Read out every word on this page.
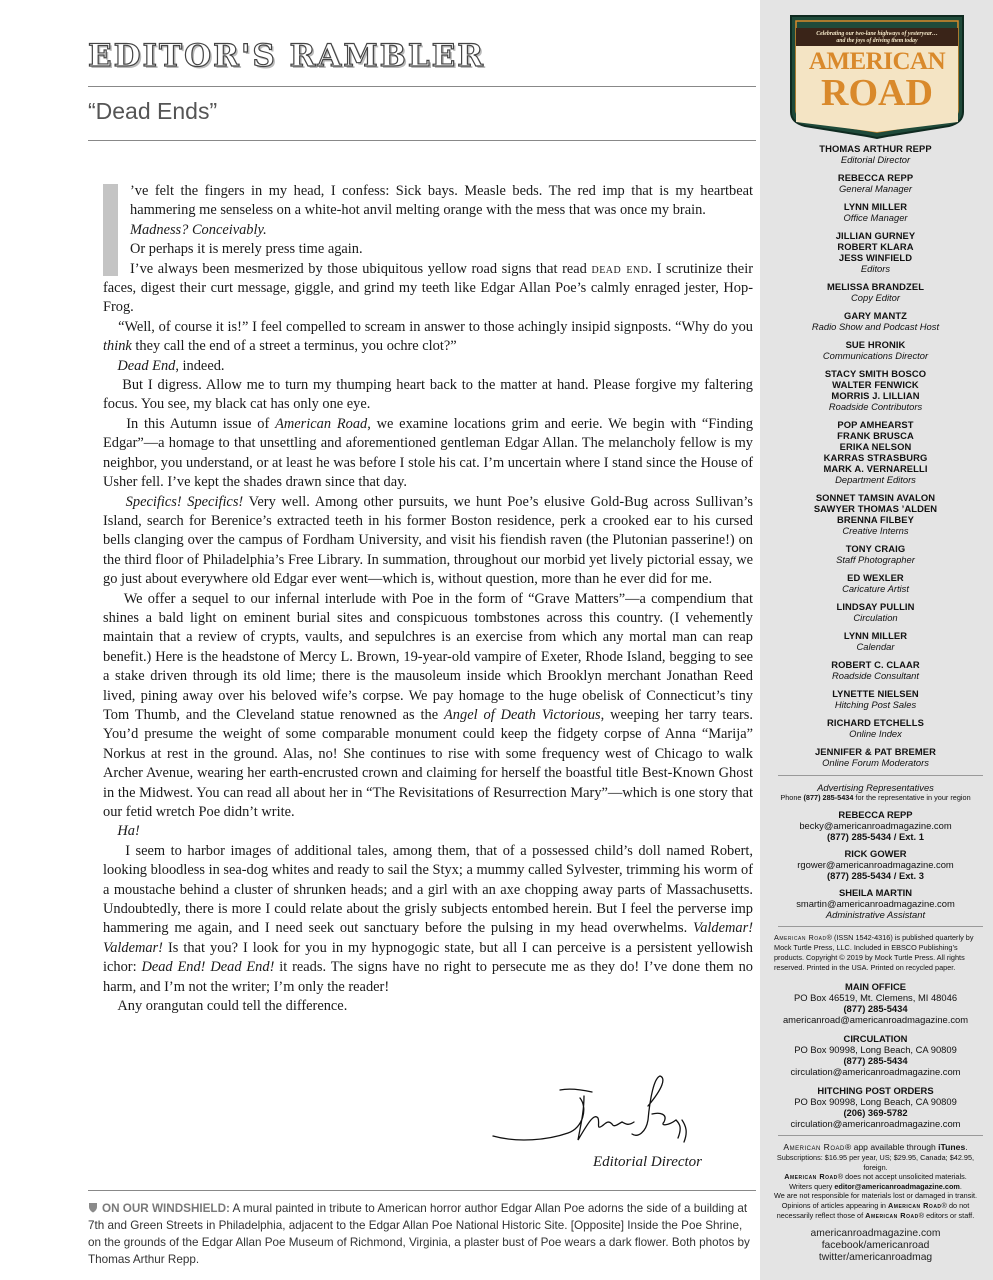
EDITOR'S RAMBLER
“Dead Ends”

’ve felt the fingers in my head, I confess: Sick bays. Measle beds. The red imp that is my heartbeat hammering me senseless on a white-hot anvil melting orange with the mess that was once my brain.

Madness? Conceivably.

Or perhaps it is merely press time again.

I’ve always been mesmerized by those ubiquitous yellow road signs that read dead end. I scrutinize their faces, digest their curt message, giggle, and grind my teeth like Edgar Allan Poe’s calmly enraged jester, Hop-Frog.

“Well, of course it is!” I feel compelled to scream in answer to those achingly insipid signposts. “Why do you think they call the end of a street a terminus, you ochre clot?”

Dead End, indeed.

But I digress. Allow me to turn my thumping heart back to the matter at hand. Please forgive my faltering focus. You see, my black cat has only one eye.

In this Autumn issue of American Road, we examine locations grim and eerie. We begin with “Finding Edgar”—a homage to that unsettling and aforementioned gentleman Edgar Allan. The melancholy fellow is my neighbor, you understand, or at least he was before I stole his cat. I’m uncertain where I stand since the House of Usher fell. I’ve kept the shades drawn since that day.

Specifics! Specifics! Very well. Among other pursuits, we hunt Poe’s elusive Gold-Bug across Sullivan’s Island, search for Berenice’s extracted teeth in his former Boston residence, perk a crooked ear to his cursed bells clanging over the campus of Fordham University, and visit his fiendish raven (the Plutonian passerine!) on the third floor of Philadelphia’s Free Library. In summation, throughout our morbid yet lively pictorial essay, we go just about everywhere old Edgar ever went—which is, without question, more than he ever did for me.

We offer a sequel to our infernal interlude with Poe in the form of “Grave Matters”—a compendium that shines a bald light on eminent burial sites and conspicuous tombstones across this country. (I vehemently maintain that a review of crypts, vaults, and sepulchres is an exercise from which any mortal man can reap benefit.) Here is the headstone of Mercy L. Brown, 19-year-old vampire of Exeter, Rhode Island, begging to see a stake driven through its old lime; there is the mausoleum inside which Brooklyn merchant Jonathan Reed lived, pining away over his beloved wife’s corpse. We pay homage to the huge obelisk of Connecticut’s tiny Tom Thumb, and the Cleveland statue renowned as the Angel of Death Victorious, weeping her tarry tears. You’d presume the weight of some comparable monument could keep the fidgety corpse of Anna “Marija” Norkus at rest in the ground. Alas, no! She continues to rise with some frequency west of Chicago to walk Archer Avenue, wearing her earth-encrusted crown and claiming for herself the boastful title Best-Known Ghost in the Midwest. You can read all about her in “The Revisitations of Resurrection Mary”—which is one story that our fetid wretch Poe didn’t write.

Ha!

I seem to harbor images of additional tales, among them, that of a possessed child’s doll named Robert, looking bloodless in sea-dog whites and ready to sail the Styx; a mummy called Sylvester, trimming his worm of a moustache behind a cluster of shrunken heads; and a girl with an axe chopping away parts of Massachusetts. Undoubtedly, there is more I could relate about the grisly subjects entombed herein. But I feel the perverse imp hammering me again, and I need seek out sanctuary before the pulsing in my head overwhelms. Valdemar! Valdemar! Is that you? I look for you in my hypnogogic state, but all I can perceive is a persistent yellowish ichor: Dead End! Dead End! it reads. The signs have no right to persecute me as they do! I’ve done them no harm, and I’m not the writer; I’m only the reader!

Any orangutan could tell the difference.

Editorial Director
ON OUR WINDSHIELD: A mural painted in tribute to American horror author Edgar Allan Poe adorns the side of a building at 7th and Green Streets in Philadelphia, adjacent to the Edgar Allan Poe National Historic Site. [Opposite] Inside the Poe Shrine, on the grounds of the Edgar Allan Poe Museum of Richmond, Virginia, a plaster bust of Poe wears a dark flower. Both photos by Thomas Arthur Repp.
Celebrating our two-lane highways of yesteryear…
and the joys of driving them today
AMERICAN
ROAD
THOMAS ARTHUR REPP
Editorial Director
REBECCA REPP
General Manager
LYNN MILLER
Office Manager
JILLIAN GURNEY
ROBERT KLARA
JESS WINFIELD
Editors
MELISSA BRANDZEL
Copy Editor
GARY MANTZ
Radio Show and Podcast Host
SUE HRONIK
Communications Director
STACY SMITH BOSCO
WALTER FENWICK
MORRIS J. LILLIAN
Roadside Contributors
POP AMHEARST
FRANK BRUSCA
ERIKA NELSON
KARRAS STRASBURG
MARK A. VERNARELLI
Department Editors
SONNET TAMSIN AVALON
SAWYER THOMAS ’ALDEN
BRENNA FILBEY
Creative Interns
TONY CRAIG
Staff Photographer
ED WEXLER
Caricature Artist
LINDSAY PULLIN
Circulation
LYNN MILLER
Calendar
ROBERT C. CLAAR
Roadside Consultant
LYNETTE NIELSEN
Hitching Post Sales
RICHARD ETCHELLS
Online Index
JENNIFER & PAT BREMER
Online Forum Moderators
Advertising Representatives
Phone (877) 285-5434 for the representative in your region
REBECCA REPP
becky@americanroadmagazine.com
(877) 285-5434 / Ext. 1
RICK GOWER
rgower@americanroadmagazine.com
(877) 285-5434 / Ext. 3
SHEILA MARTIN
smartin@americanroadmagazine.com
Administrative Assistant
American Road® (ISSN 1542-4316) is published quarterly by Mock Turtle Press, LLC. Included in EBSCO Publishing’s products. Copyright © 2019 by Mock Turtle Press. All rights reserved. Printed in the USA. Printed on recycled paper.
MAIN OFFICE
PO Box 46519, Mt. Clemens, MI 48046
(877) 285-5434
americanroad@americanroadmagazine.com
CIRCULATION
PO Box 90998, Long Beach, CA 90809
(877) 285-5434
circulation@americanroadmagazine.com
HITCHING POST ORDERS
PO Box 90998, Long Beach, CA 90809
(206) 369-5782
circulation@americanroadmagazine.com
American Road® app available through iTunes.
Subscriptions: $16.95 per year, US; $29.95, Canada; $42.95, foreign.
American Road® does not accept unsolicited materials.
Writers query editor@americanroadmagazine.com.
We are not responsible for materials lost or damaged in transit.
Opinions of articles appearing in American Road® do not necessarily reflect those of American Road® editors or staff.
americanroadmagazine.com
facebook/americanroad
twitter/americanroadmag
